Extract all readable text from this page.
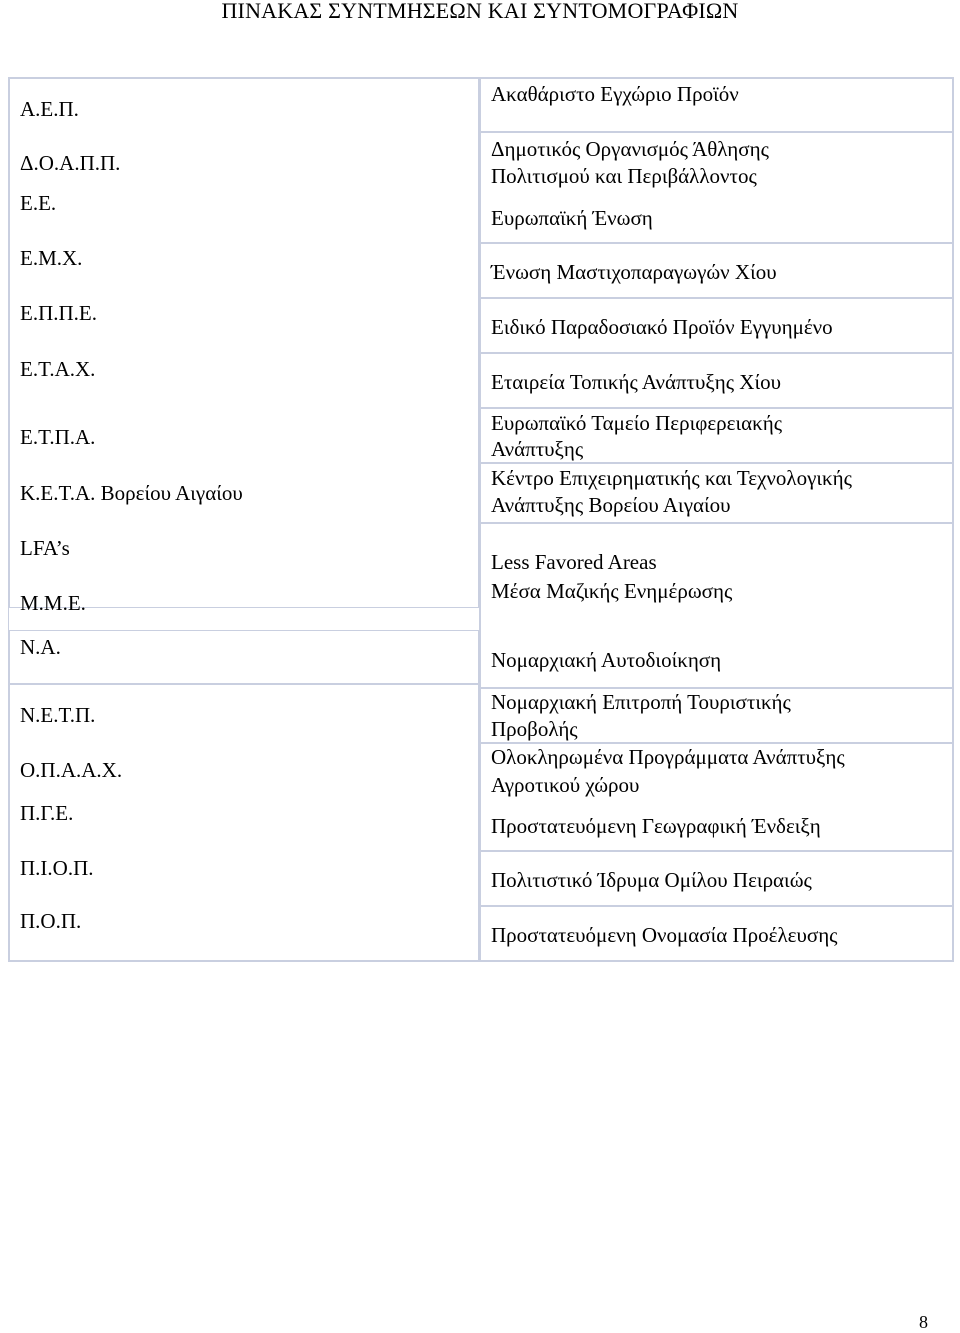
ΠΙΝΑΚΑΣ ΣΥΝΤΜΗΣΕΩΝ ΚΑΙ ΣΥΝΤΟΜΟΓΡΑΦΙΩΝ
Α.Ε.Π.
Δ.Ο.Α.Π.Π.
Ε.Ε.
Ε.Μ.Χ.
Ε.Π.Π.Ε.
Ε.Τ.Α.Χ.
Ε.Τ.Π.Α.
Κ.Ε.Τ.Α. Βορείου Αιγαίου
LFA’s
Μ.Μ.Ε.
Ν.Α.
Ν.Ε.Τ.Π.
Ο.Π.Α.Α.Χ.
Π.Γ.Ε.
Π.Ι.Ο.Π.
Π.Ο.Π.
Ακαθάριστο Εγχώριο Προϊόν
Δημοτικός Οργανισμός Άθλησης
Πολιτισμού και Περιβάλλοντος
Ευρωπαϊκή Ένωση
Ένωση Μαστιχοπαραγωγών Χίου
Ειδικό Παραδοσιακό Προϊόν Εγγυημένο
Εταιρεία Τοπικής Ανάπτυξης Χίου
Ευρωπαϊκό Ταμείο Περιφερειακής
Ανάπτυξης
Κέντρο Επιχειρηματικής και Τεχνολογικής
Ανάπτυξης Βορείου Αιγαίου
Less Favored Areas
Μέσα Μαζικής Ενημέρωσης
Νομαρχιακή Αυτοδιοίκηση
Νομαρχιακή Επιτροπή Τουριστικής
Προβολής
Ολοκληρωμένα Προγράμματα Ανάπτυξης
Αγροτικού χώρου
Προστατευόμενη Γεωγραφική Ένδειξη
Πολιτιστικό Ίδρυμα Ομίλου Πειραιώς
Προστατευόμενη Ονομασία Προέλευσης
8
